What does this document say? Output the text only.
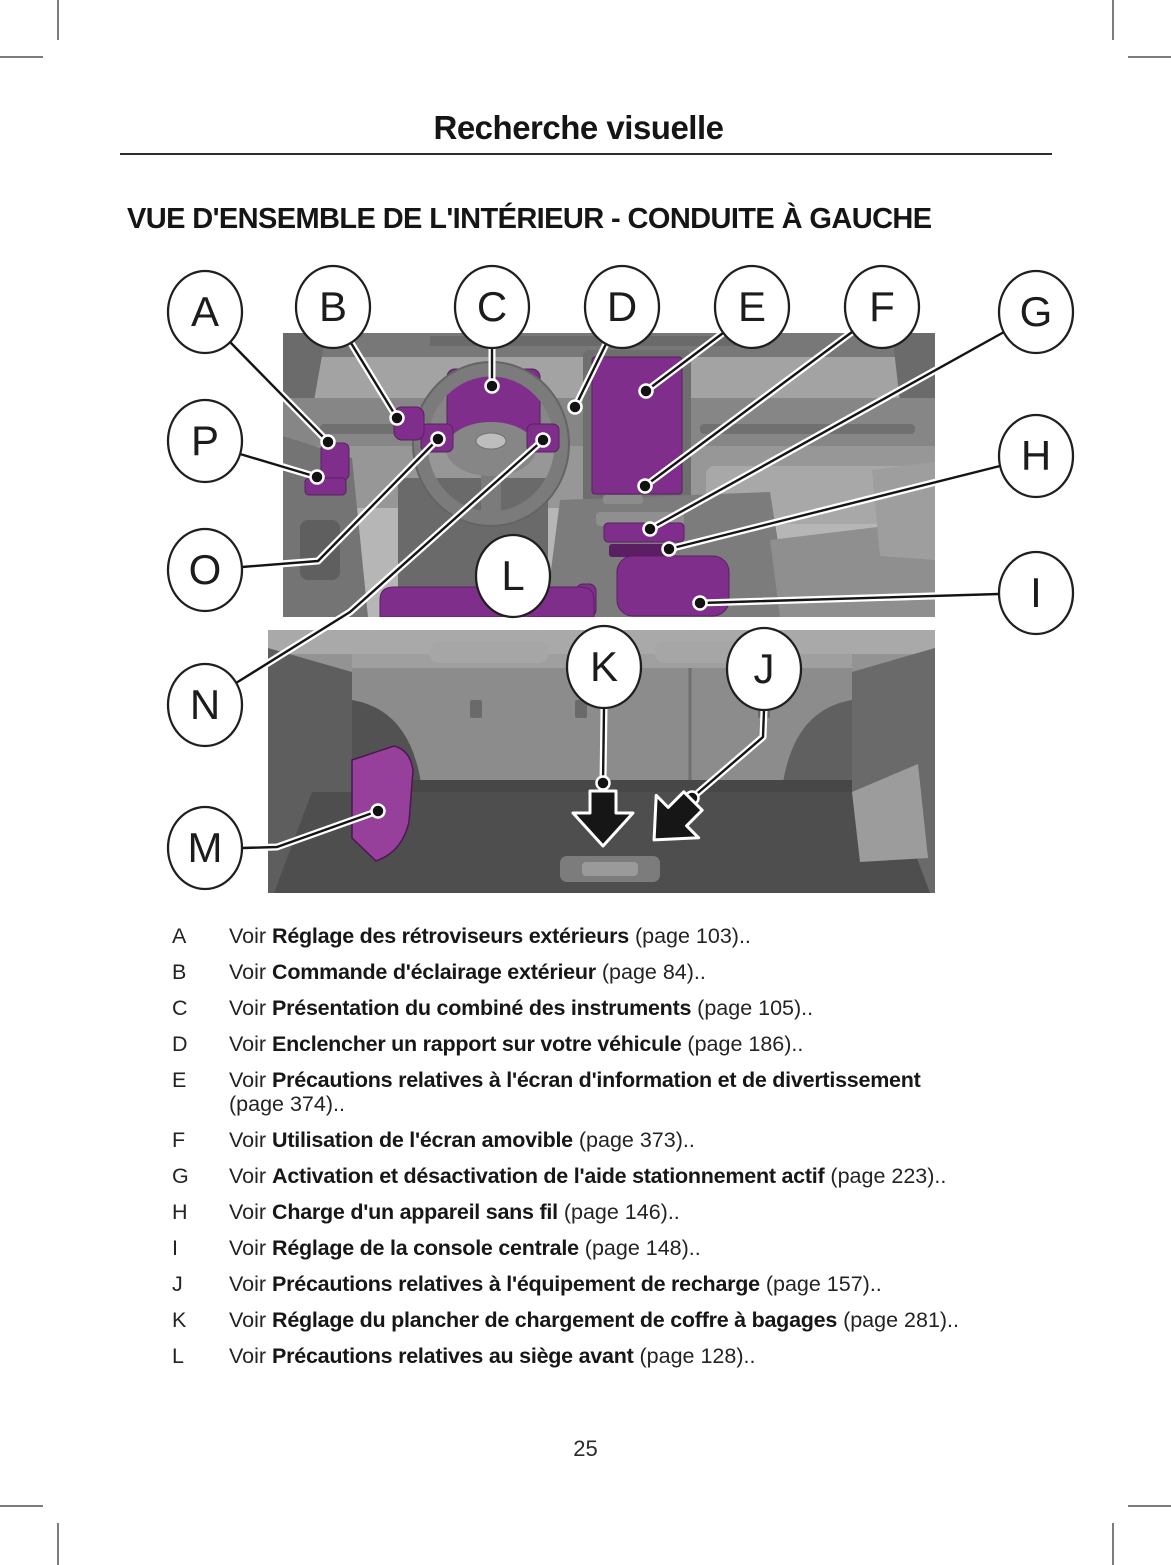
Recherche visuelle
VUE D'ENSEMBLE DE L'INTÉRIEUR - CONDUITE À GAUCHE
A B	C D E F	G
H
I
J
K
L
M
N
O
P
A	Voir Réglage des rétroviseurs extérieurs (page 103)..
B	Voir Commande d'éclairage extérieur (page 84)..
C	Voir Présentation du combiné des instruments (page 105)..
D	Voir Enclencher un rapport sur votre véhicule (page 186)..
E	Voir Précautions relatives à l'écran d'information et de divertissement
(page 374)..
F	Voir Utilisation de l'écran amovible (page 373)..
G	Voir Activation et désactivation de l'aide stationnement actif (page 223)..
H	Voir Charge d'un appareil sans fil (page 146)..
I	Voir Réglage de la console centrale (page 148)..
J	Voir Précautions relatives à l'équipement de recharge (page 157)..
K	Voir Réglage du plancher de chargement de coffre à bagages (page 281)..
L	Voir Précautions relatives au siège avant (page 128)..
25
